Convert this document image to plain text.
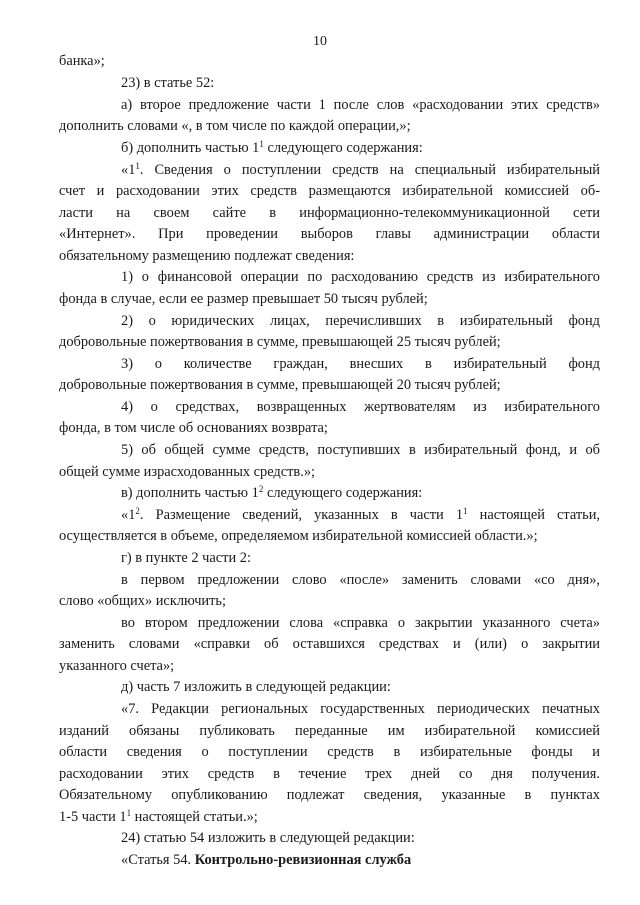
10

банка»;

23) в статье 52:

а) второе предложение части 1 после слов «расходовании этих средств»

дополнить словами «, в том числе по каждой операции,»;

б) дополнить частью $1^1$ следующего содержания:

«$1^1$. Сведения о поступлении средств на специальный избирательный

счет и расходовании этих средств размещаются избирательной комиссией об-

ласти на своем сайте в информационно-телекоммуникационной сети

«Интернет». При проведении выборов главы администрации области

обязательному размещению подлежат сведения:

1) о финансовой операции по расходованию средств из избирательного

фонда в случае, если ее размер превышает 50 тысяч рублей;

2) о юридических лицах, перечисливших в избирательный фонд

добровольные пожертвования в сумме, превышающей 25 тысяч рублей;

3) о количестве граждан, внесших в избирательный фонд

добровольные пожертвования в сумме, превышающей 20 тысяч рублей;

4) о средствах, возвращенных жертвователям из избирательного

фонда, в том числе об основаниях возврата;

5) об общей сумме средств, поступивших в избирательный фонд, и об

общей сумме израсходованных средств.»;

в) дополнить частью $1^2$ следующего содержания:

«$1^2$. Размещение сведений, указанных в части $1^1$ настоящей статьи,

осуществляется в объеме, определяемом избирательной комиссией области.»;

г) в пункте 2 части 2:

в первом предложении слово «после» заменить словами «со дня»,

слово «общих» исключить;

во втором предложении слова «справка о закрытии указанного счета»

заменить словами «справки об оставшихся средствах и (или) о закрытии

указанного счета»;

д) часть 7 изложить в следующей редакции:

«7. Редакции региональных государственных периодических печатных

изданий обязаны публиковать переданные им избирательной комиссией

области сведения о поступлении средств в избирательные фонды и

расходовании этих средств в течение трех дней со дня получения.

Обязательному опубликованию подлежат сведения, указанные в пунктах

1-5 части $1^1$ настоящей статьи.»;

24) статью 54 изложить в следующей редакции:

«Статья 54. Контрольно-ревизионная служба
